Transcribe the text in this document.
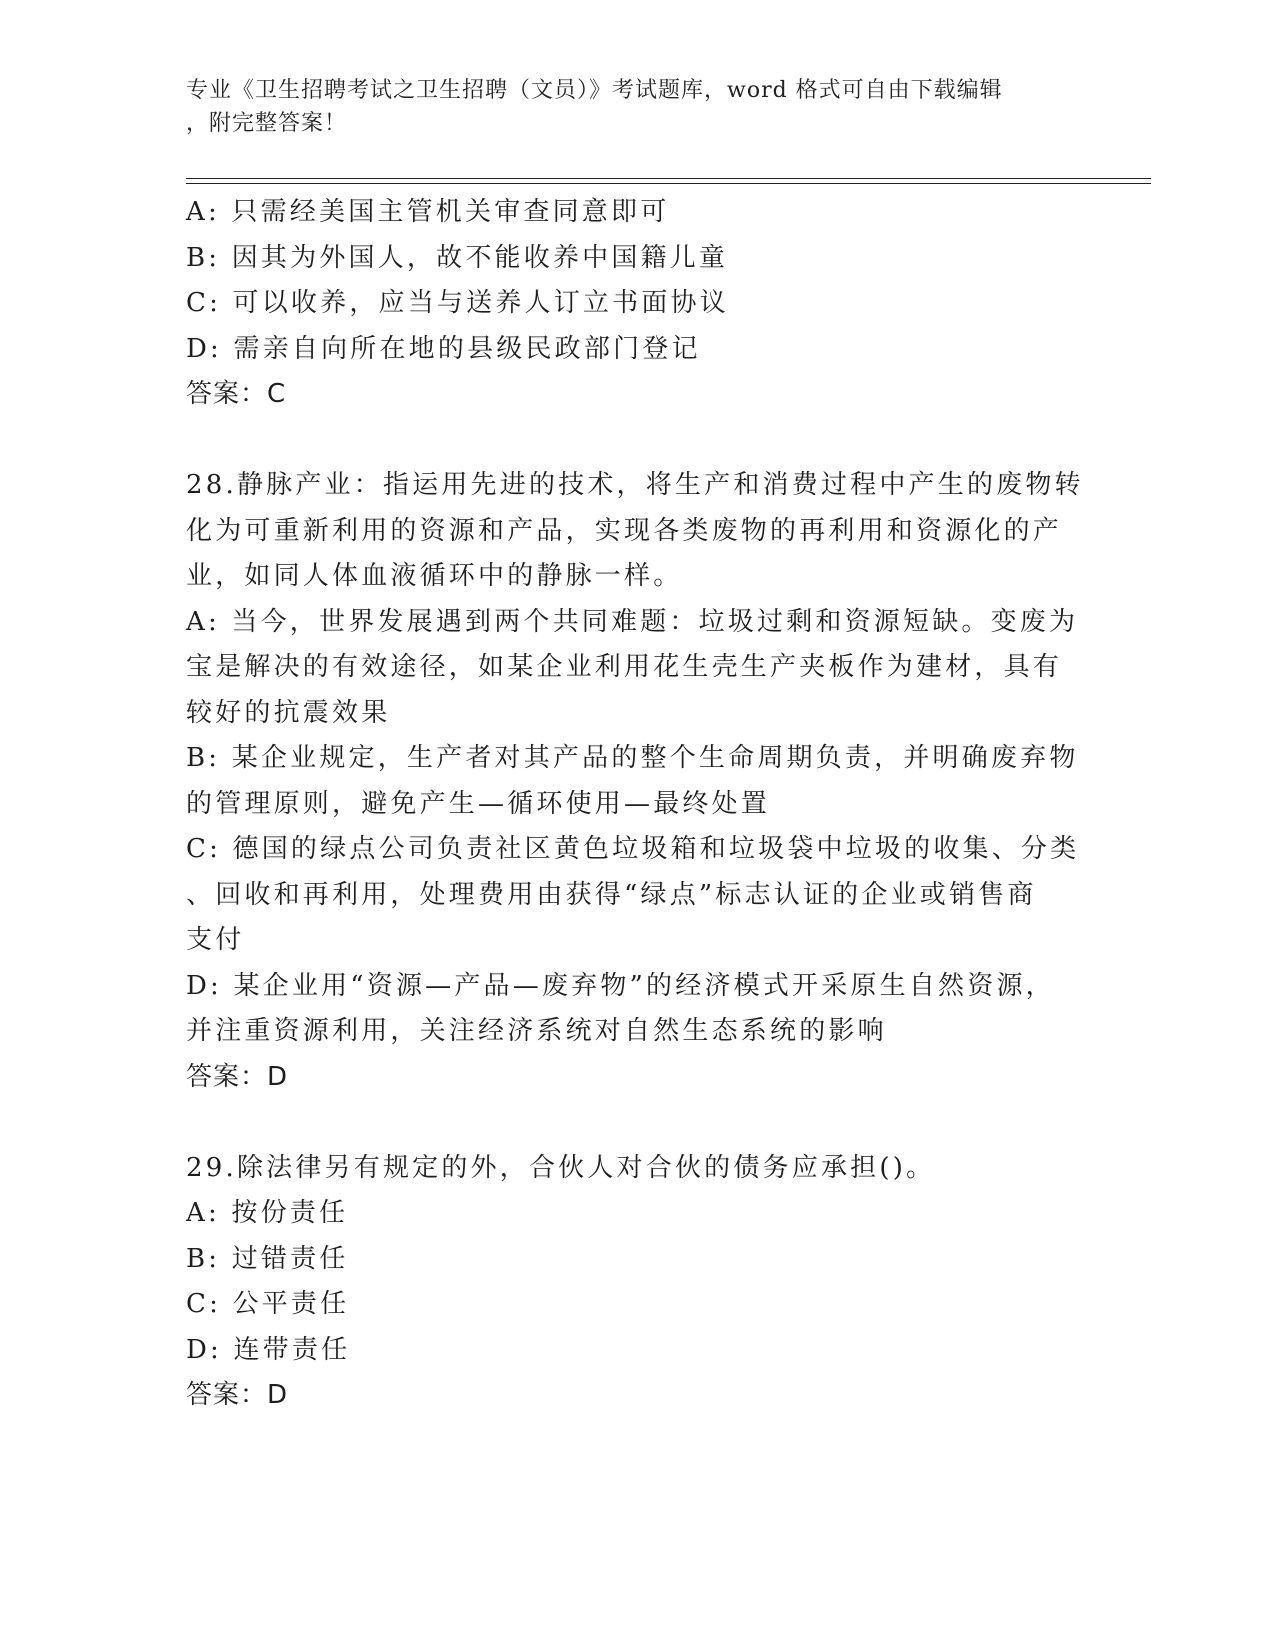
专业《卫生招聘考试之卫生招聘（文员）》考试题库，word 格式可自由下载编辑
，附完整答案！
A: 只需经美国主管机关审查同意即可
B: 因其为外国人，故不能收养中国籍儿童
C: 可以收养，应当与送养人订立书面协议
D: 需亲自向所在地的县级民政部门登记
答案：C
28.静脉产业：指运用先进的技术，将生产和消费过程中产生的废物转
化为可重新利用的资源和产品，实现各类废物的再利用和资源化的产
业，如同人体血液循环中的静脉一样。
A: 当今，世界发展遇到两个共同难题：垃圾过剩和资源短缺。变废为
宝是解决的有效途径，如某企业利用花生壳生产夹板作为建材，具有
较好的抗震效果
B: 某企业规定，生产者对其产品的整个生命周期负责，并明确废弃物
的管理原则，避免产生—循环使用—最终处置
C: 德国的绿点公司负责社区黄色垃圾箱和垃圾袋中垃圾的收集、分类
、回收和再利用，处理费用由获得“绿点”标志认证的企业或销售商
支付
D: 某企业用“资源—产品—废弃物”的经济模式开采原生自然资源，
并注重资源利用，关注经济系统对自然生态系统的影响
答案：D
29.除法律另有规定的外，合伙人对合伙的债务应承担()。
A: 按份责任
B: 过错责任
C: 公平责任
D: 连带责任
答案：D
